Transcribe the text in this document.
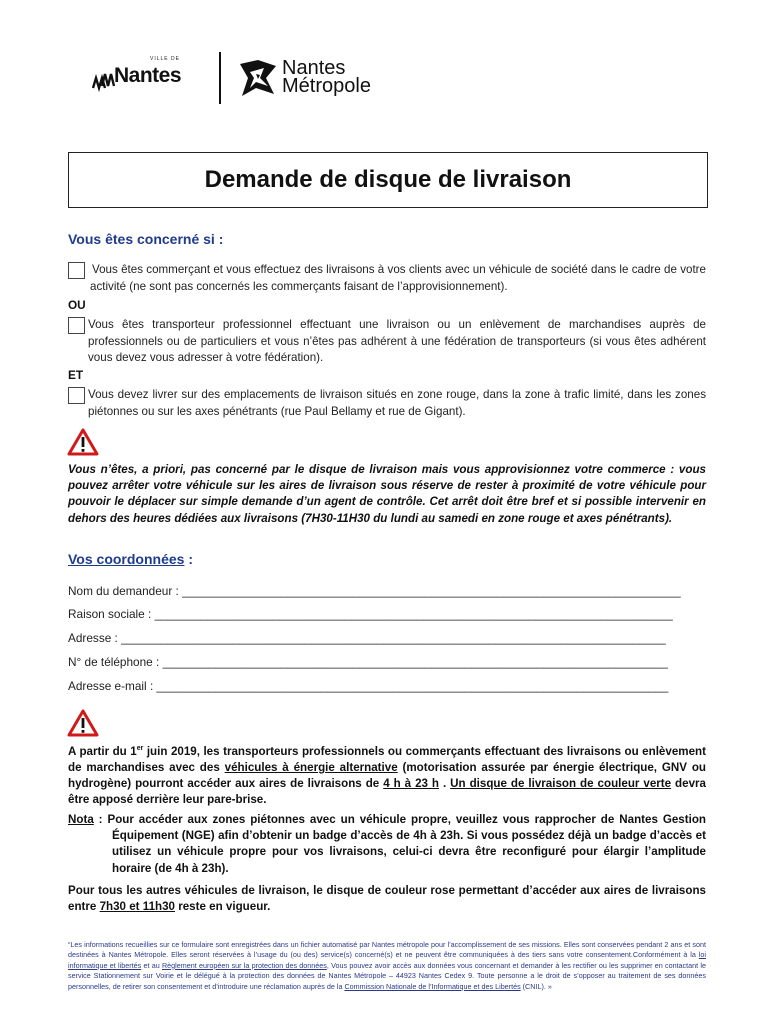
VILLE DE
Nantes	Nantes
Métropole
Demande de disque de livraison
Vous êtes concerné si :
Vous êtes commerçant et vous effectuez des livraisons à vos clients avec un véhicule de société dans le cadre de votre activité (ne sont pas concernés les commerçants faisant de l’approvisionnement).
OU
Vous êtes transporteur professionnel effectuant une livraison ou un enlèvement de marchandises auprès de professionnels ou de particuliers et vous n’êtes pas adhérent à une fédération de transporteurs (si vous êtes adhérent vous devez vous adresser à votre fédération).
ET
Vous devez livrer sur des emplacements de livraison situés en zone rouge, dans la zone à trafic limité, dans les zones piétonnes ou sur les axes pénétrants (rue Paul Bellamy et rue de Gigant).
Vous n’êtes, a priori, pas concerné par le disque de livraison mais vous approvisionnez votre commerce : vous pouvez arrêter votre véhicule sur les aires de livraison sous réserve de rester à proximité de votre véhicule pour pouvoir le déplacer sur simple demande d’un agent de contrôle. Cet arrêt doit être bref et si possible intervenir en dehors des heures dédiées aux livraisons (7H30-11H30 du lundi au samedi en zone rouge et axes pénétrants).
Vos coordonnées :
Nom du demandeur : ____________________________________________________________________________
Raison sociale : _______________________________________________________________________________
Adresse : ___________________________________________________________________________________
N° de téléphone : _____________________________________________________________________________
Adresse e-mail : ______________________________________________________________________________
A partir du 1er juin 2019, les transporteurs professionnels ou commerçants effectuant des livraisons ou enlèvement de marchandises avec des véhicules à énergie alternative (motorisation assurée par énergie électrique, GNV ou hydrogène) pourront accéder aux aires de livraisons de 4 h à 23 h . Un disque de livraison de couleur verte devra être apposé derrière leur pare-brise.
Nota : Pour accéder aux zones piétonnes avec un véhicule propre, veuillez vous rapprocher de Nantes Gestion Équipement (NGE) afin d’obtenir un badge d’accès de 4h à 23h. Si vous possédez déjà un badge d’accès et utilisez un véhicule propre pour vos livraisons, celui-ci devra être reconfiguré pour élargir l’amplitude horaire (de 4h à 23h).
Pour tous les autres véhicules de livraison, le disque de couleur rose permettant d’accéder aux aires de livraisons entre 7h30 et 11h30 reste en vigueur.
“Les informations recueillies sur ce formulaire sont enregistrées dans un fichier automatisé par Nantes métropole pour l’accomplissement de ses missions. Elles sont conservées pendant 2 ans et sont destinées à Nantes Métropole. Elles seront réservées à l’usage du (ou des) service(s) concerné(s) et ne peuvent être communiquées à des tiers sans votre consentement.Conformément à la loi informatique et libertés et au Règlement européen sur la protection des données, Vous pouvez avoir accès aux données vous concernant et demander à les rectifier ou les supprimer en contactant le service Stationnement sur Voirie et le délégué à la protection des données de Nantes Métropole – 44923 Nantes Cedex 9. Toute personne a le droit de s’opposer au traitement de ses données personnelles, de retirer son consentement et d’introduire une réclamation auprès de la Commission Nationale de l’Informatique et des Libertés (CNIL). »
